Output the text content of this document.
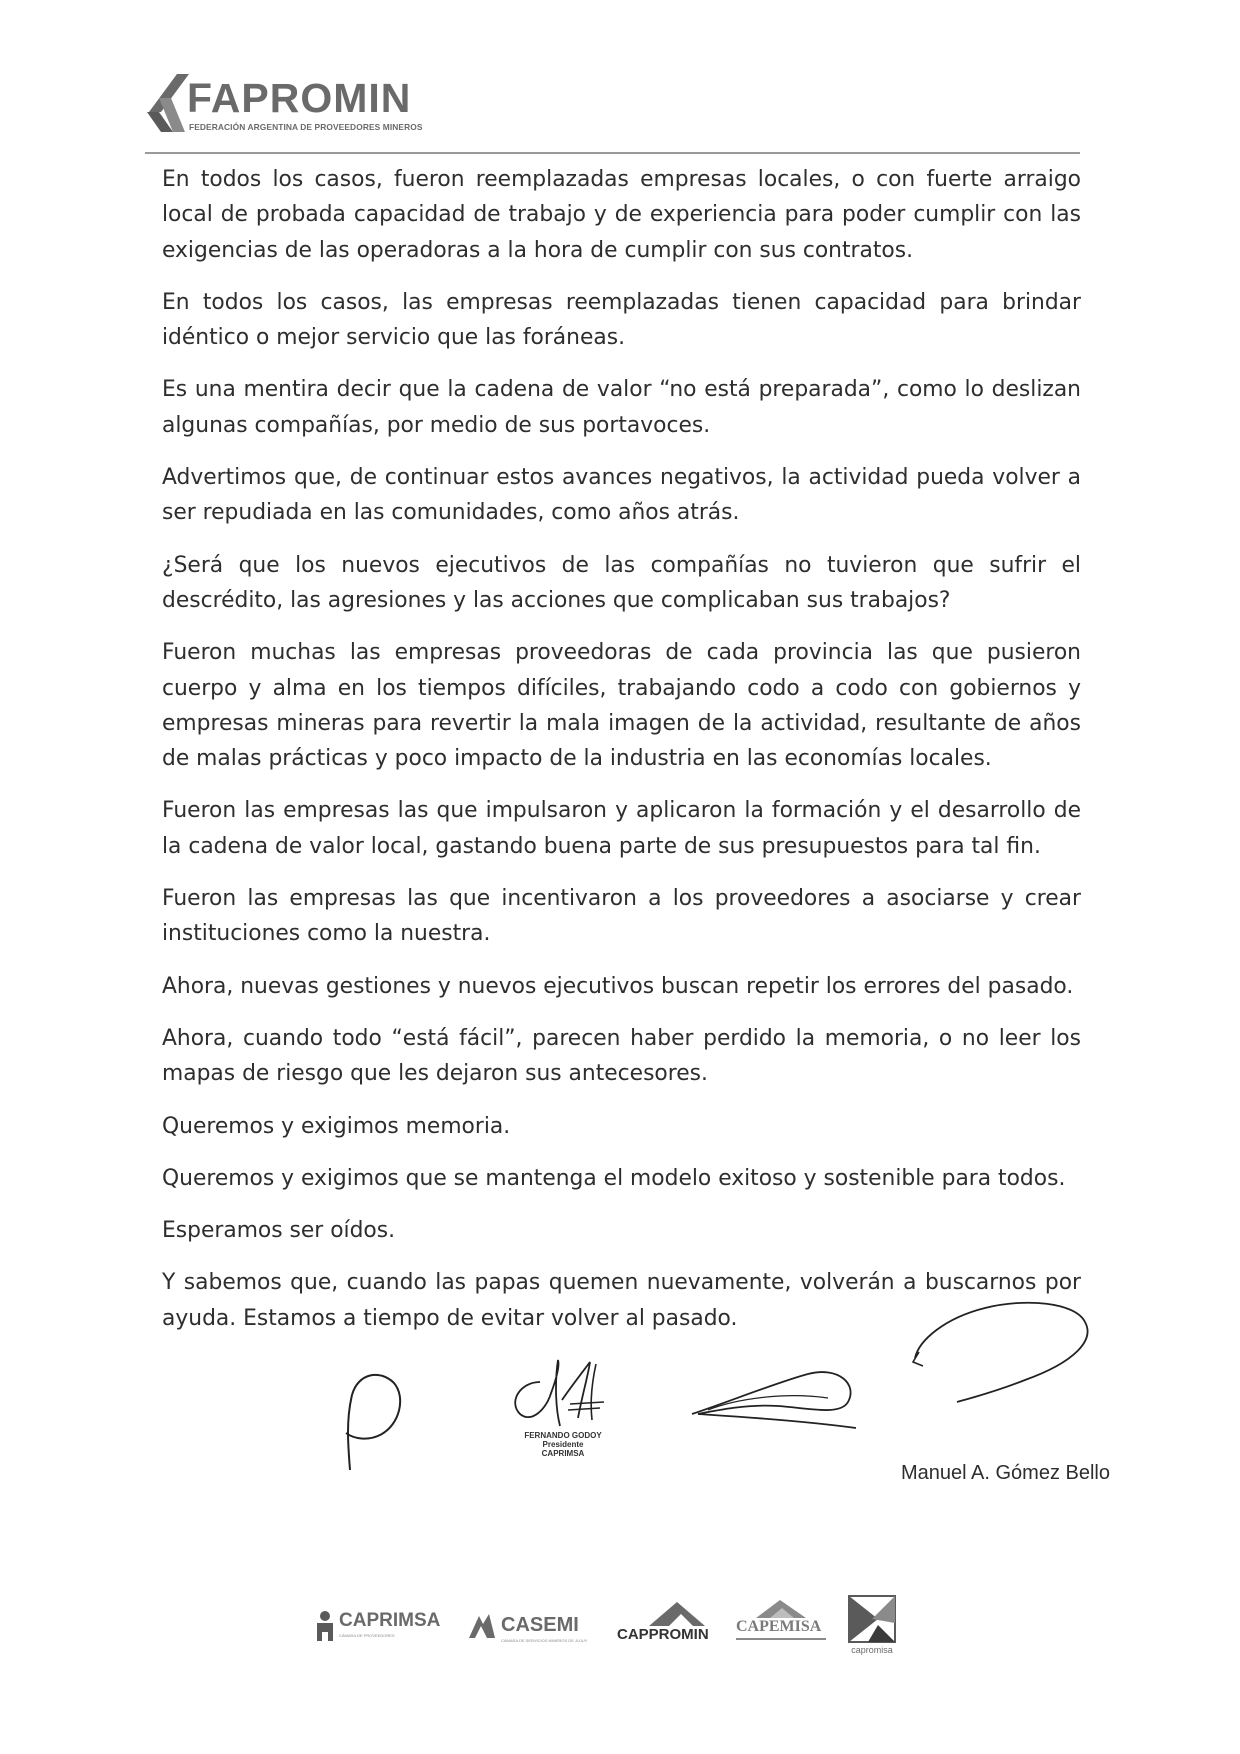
FAPROMIN
FEDERACIÓN ARGENTINA DE PROVEEDORES MINEROS

En todos los casos, fueron reemplazadas empresas locales, o con fuerte arraigo local de probada capacidad de trabajo y de experiencia para poder cumplir con las exigencias de las operadoras a la hora de cumplir con sus contratos.

En todos los casos, las empresas reemplazadas tienen capacidad para brindar idéntico o mejor servicio que las foráneas.

Es una mentira decir que la cadena de valor “no está preparada”, como lo deslizan algunas compañías, por medio de sus portavoces.

Advertimos que, de continuar estos avances negativos, la actividad pueda volver a ser repudiada en las comunidades, como años atrás.

¿Será que los nuevos ejecutivos de las compañías no tuvieron que sufrir el descrédito, las agresiones y las acciones que complicaban sus trabajos?

Fueron muchas las empresas proveedoras de cada provincia las que pusieron cuerpo y alma en los tiempos difíciles, trabajando codo a codo con gobiernos y empresas mineras para revertir la mala imagen de la actividad, resultante de años de malas prácticas y poco impacto de la industria en las economías locales.

Fueron las empresas las que impulsaron y aplicaron la formación y el desarrollo de la cadena de valor local, gastando buena parte de sus presupuestos para tal fin.

Fueron las empresas las que incentivaron a los proveedores a asociarse y crear instituciones como la nuestra.

Ahora, nuevas gestiones y nuevos ejecutivos buscan repetir los errores del pasado.

Ahora, cuando todo “está fácil”, parecen haber perdido la memoria, o no leer los mapas de riesgo que les dejaron sus antecesores.

Queremos y exigimos memoria.

Queremos y exigimos que se mantenga el modelo exitoso y sostenible para todos.

Esperamos ser oídos.

Y sabemos que, cuando las papas quemen nuevamente, volverán a buscarnos por ayuda. Estamos a tiempo de evitar volver al pasado.

FERNANDO GODOY
Presidente
CAPRIMSA
Manuel A. Gómez Bello
CAPRIMSA
CÁMARA DE PROVEEDORES	CASEMI
CÁMARA DE SERVICIOS MINEROS DE JUJUY CAPPROMIN CAPEMISA
capromisa
